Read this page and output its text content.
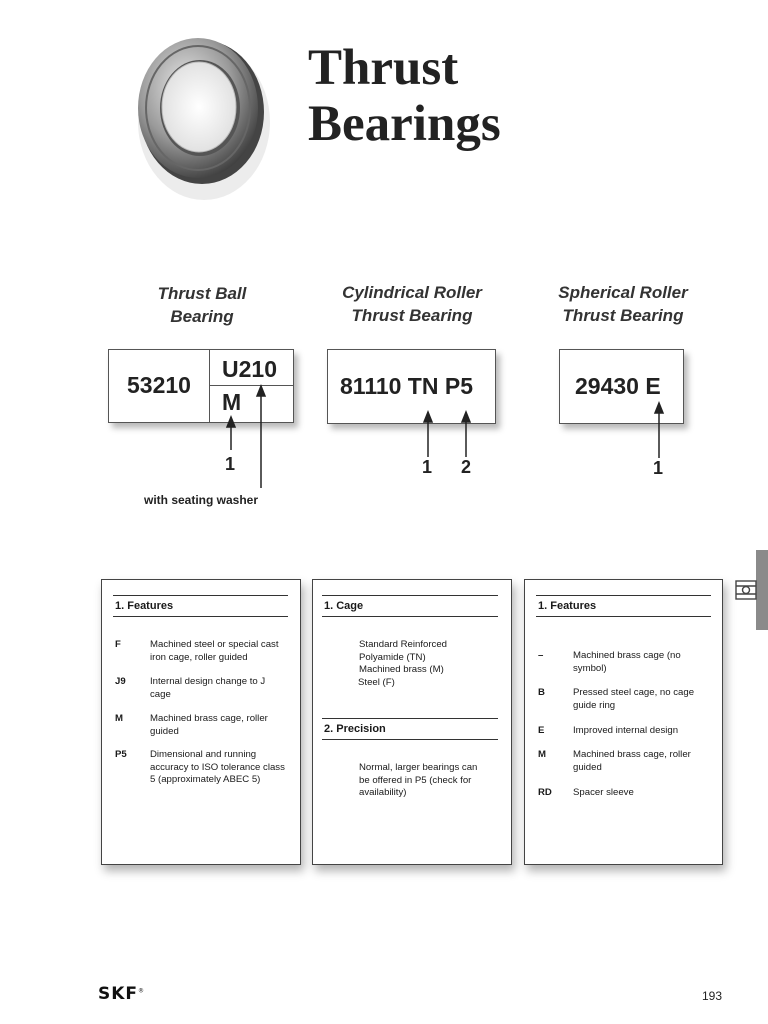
Thrust
Bearings
Thrust Ball
Bearing
Cylindrical Roller
Thrust Bearing
Spherical Roller
Thrust Bearing
53210
U210
M
81110 TN P5	29430 E
1
with seating washer
1 2	1
1. Features
F	Machined steel or special cast
iron cage, roller guided
J9	Internal design change to J
cage
M	Machined brass cage, roller
guided
P5 Dimensional and running
accuracy to ISO tolerance class
5 (approximately ABEC 5)
1. Cage
Standard Reinforced
Polyamide (TN)
Machined brass (M)
Steel (F)
2. Precision
Normal, larger bearings can
be offered in P5 (check for
availability)
1. Features
–	Machined brass cage (no
symbol)
B	Pressed steel cage, no cage
guide ring
E	Improved internal design
M	Machined brass cage, roller
guided
RD Spacer sleeve
SKF®	193
